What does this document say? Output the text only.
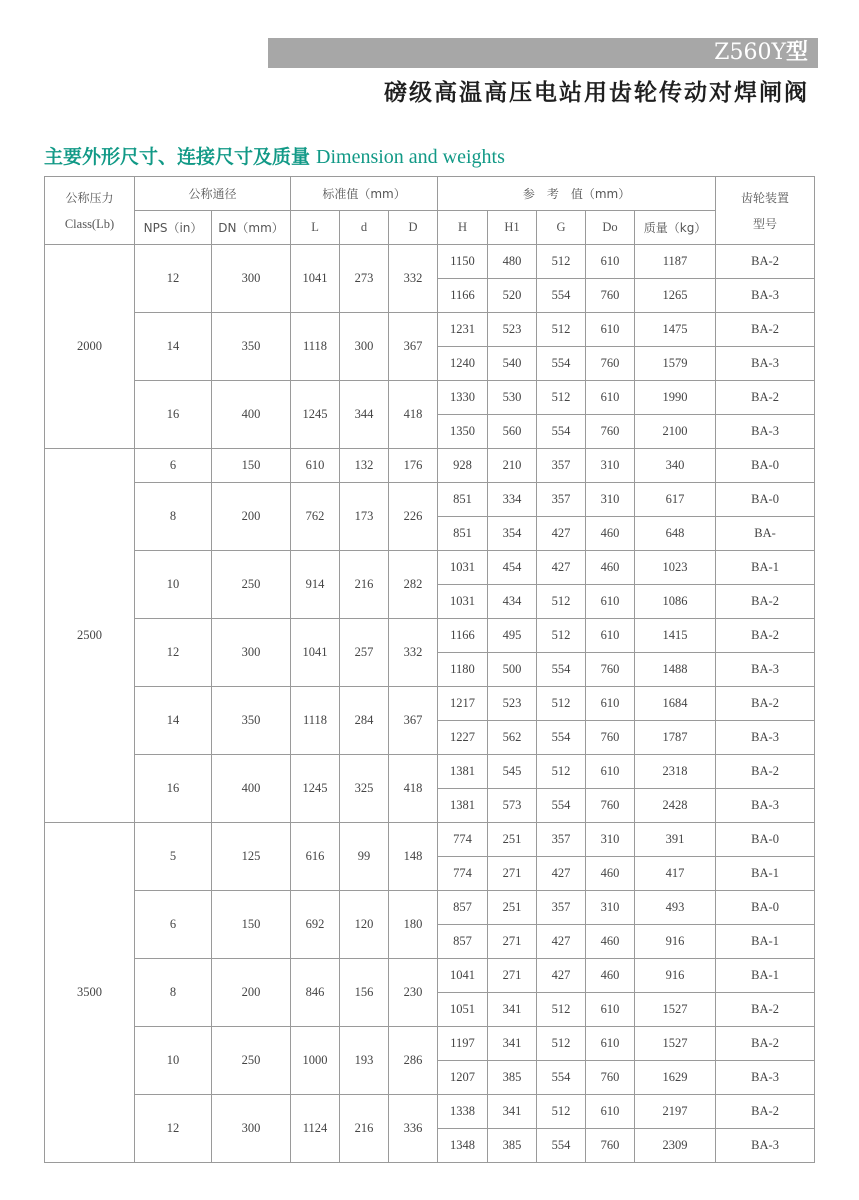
Z560Y型
磅级高温高压电站用齿轮传动对焊闸阀
主要外形尺寸、连接尺寸及质量 Dimension and weights
公称压力
Class(Lb)	公称通径		标准值（mm）			参　考　值（mm）					齿轮装置
型号

	NPS（in）	DN（mm）	L	d	D	H	H1	G	Do	质量（kg）	
2000	12	300	1041	273	332	1150	480	512	610	1187	BA-2
						1166	520	554	760	1265	BA-3
	14	350	1118	300	367	1231	523	512	610	1475	BA-2
						1240	540	554	760	1579	BA-3
	16	400	1245	344	418	1330	530	512	610	1990	BA-2
						1350	560	554	760	2100	BA-3
2500	6	150	610	132	176	928	210	357	310	340	BA-0
	8	200	762	173	226	851	334	357	310	617	BA-0
						851	354	427	460	648	BA-
	10	250	914	216	282	1031	454	427	460	1023	BA-1
						1031	434	512	610	1086	BA-2
	12	300	1041	257	332	1166	495	512	610	1415	BA-2
						1180	500	554	760	1488	BA-3
	14	350	1118	284	367	1217	523	512	610	1684	BA-2
						1227	562	554	760	1787	BA-3
	16	400	1245	325	418	1381	545	512	610	2318	BA-2
						1381	573	554	760	2428	BA-3
3500	5	125	616	99	148	774	251	357	310	391	BA-0
						774	271	427	460	417	BA-1
	6	150	692	120	180	857	251	357	310	493	BA-0
						857	271	427	460	916	BA-1
	8	200	846	156	230	1041	271	427	460	916	BA-1
						1051	341	512	610	1527	BA-2
	10	250	1000	193	286	1197	341	512	610	1527	BA-2
						1207	385	554	760	1629	BA-3
	12	300	1124	216	336	1338	341	512	610	2197	BA-2
						1348	385	554	760	2309	BA-3
